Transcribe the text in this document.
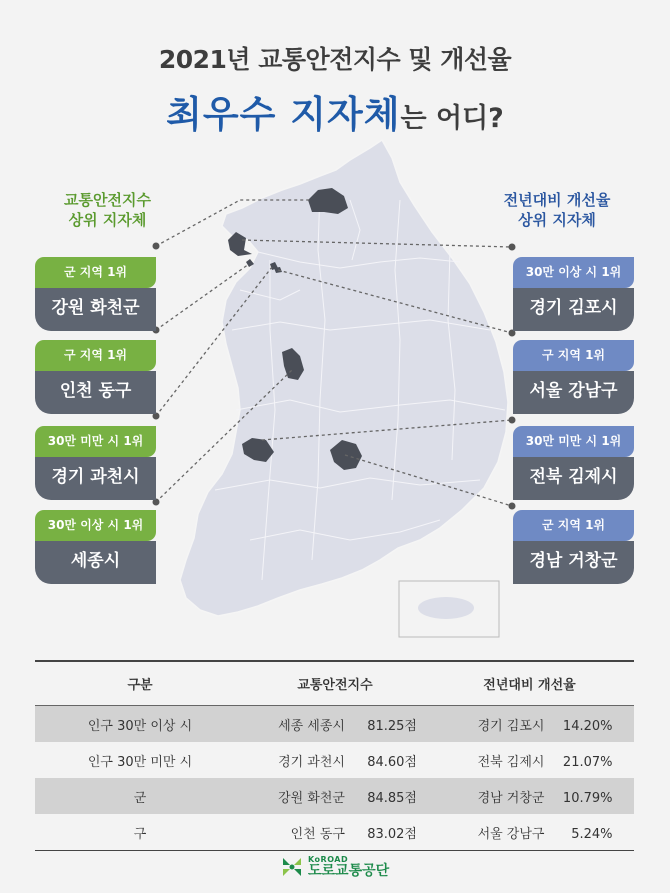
2021년 교통안전지수 및 개선율
최우수 지자체는 어디?
교통안전지수
상위 지자체
전년대비 개선율
상위 지자체
군 지역 1위
강원 화천군
구 지역 1위
인천 동구
30만 미만 시 1위
경기 과천시
30만 이상 시 1위
세종시
30만 이상 시 1위
경기 김포시
구 지역 1위
서울 강남구
30만 미만 시 1위
전북 김제시
군 지역 1위
경남 거창군
구분	교통안전지수	전년대비 개선율
인구 30만 이상 시	세종 세종시 81.25점	경기 김포시 14.20%
인구 30만 미만 시	경기 과천시 84.60점	전북 김제시 21.07%
군	강원 화천군 84.85점	경남 거창군 10.79%
구	인천 동구 83.02점	서울 강남구 5.24%
KoROAD
도로교통공단
